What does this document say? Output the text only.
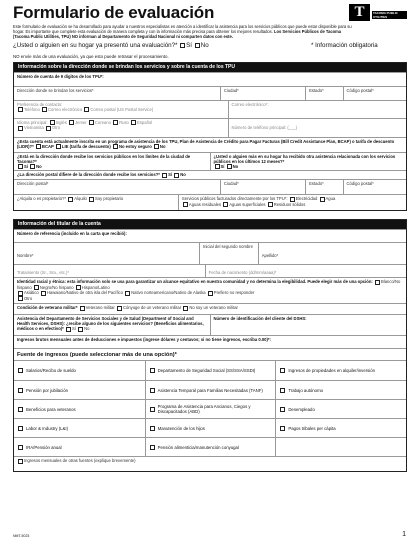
Formulario de evaluación	T	TACOMA PUBLIC UTILITIES
Este formulario de evaluación se ha desarrollado para ayudar a nuestros especialistas en atención a identificar la asistencia para los servicios públicos que puede estar disponible para su hogar. Es importante que complete esta evaluación de manera completa y con la información más precisa para obtener los mejores resultados. Los Servicios Públicos de Tacoma (Tacoma Public Utilities, TPU) NO informan al Departamento de Seguridad Nacional ni comparten datos con este.
¿Usted o alguien en su hogar ya presentó una evaluación?* Sí No	* Información obligatoria
NO envíe más de una evaluación, ya que esto puede retrasar el procesamiento.
Información sobre la dirección donde se brindan los servicios y sobre la cuenta de los TPU
Número de cuenta de 9 dígitos de los TPU*:
Dirección donde se brindan los servicios*	Ciudad*	Estado*	Código postal*
Preferencia de contacto:
Teléfono Correo electrónico Correo postal (US Postal Service)
Correo electrónico*:
Idioma principal: Inglés Jemer Coreano Ruso Español
Vietnamita Otro	Número de teléfono principal: (___)
¿Esta cuenta está actualmente inscrita en un programa de asistencia de los TPU, Plan de Asistencia de Crédito para Pagar Facturas (Bill Credit Assistance Plan, BCAP) o tarifa de descuento (LIDR)?* BCAP LIE (tarifa de descuento) No estoy seguro No
¿Está en la dirección donde recibe los servicios públicos en los límites de la ciudad de Tacoma?*
Sí No
¿Usted o alguien más en su hogar ha recibido otra asistencia relacionada con los servicios públicos en los últimos 12 meses?*
Sí No
¿La dirección postal difiere de la dirección donde recibe los servicios?* Sí No
Dirección postal*	Ciudad*	Estado*	Código postal*
¿Alquila o es propietario?* Alquilo Soy propietario	Servicios públicos facturados directamente por los TPU*: Electricidad Agua
Aguas residuales Aguas superficiales Residuos sólidos
Información del titular de la cuenta
Número de referencia (incluido en la carta que recibió):
Nombre*
Inicial del segundo nombre
Apellido*
Tratamiento (Sr., Sra., etc.)*	Fecha de nacimiento (dd/mm/aaaa)*
Identidad racial y étnica: esta información solo se usa para garantizar un alcance equitativo en nuestra comunidad y no determina la elegibilidad. Puede elegir más de una opción: Blanco/No hispano Negro/No hispano Hispano/Latino
Asiático Hawaiano/Nativo de otra isla del Pacífico Nativo norteamericano/Nativo de Alaska Prefiero no responder
Otro
Condición de veterano militar* Veterano militar Cónyuge de un veterano militar No soy un veterano militar
Asistencia del Departamento de Servicios Sociales y de Salud (Department of Social and Health Services, DSHS): ¿recibe alguno de los siguientes servicios? (Beneficios alimentarios, médicos o en efectivo)* Sí No
Número de identificación del cliente del DSHS:
Ingresos brutos mensuales antes de deducciones e impuestos (ingrese dólares y centavos; si no tiene ingresos, escriba 0.00)*:
Fuente de ingresos (puede seleccionar más de una opción)*
Salarios/Recibo de sueldo	Departamento de Seguridad Social (SS/SSA/SSDI)	Ingresos de propiedades en alquiler/inversión
Pensión por jubilación	Asistencia Temporal para Familias Necesitadas (TANF)	Trabajo autónomo
Beneficios para veteranos	Programa de Asistencia para Ancianos, Ciegos y Discapacitados (ABD)	Desempleado
Labor & Industry (L&I)	Manutención de los hijos	Pagos tribales per cápita
IRA/Pensión anual	Pensión alimenticia/manutención conyugal
Ingresos mensuales de otras fuentes (explique brevemente)
NMT-5023	1
